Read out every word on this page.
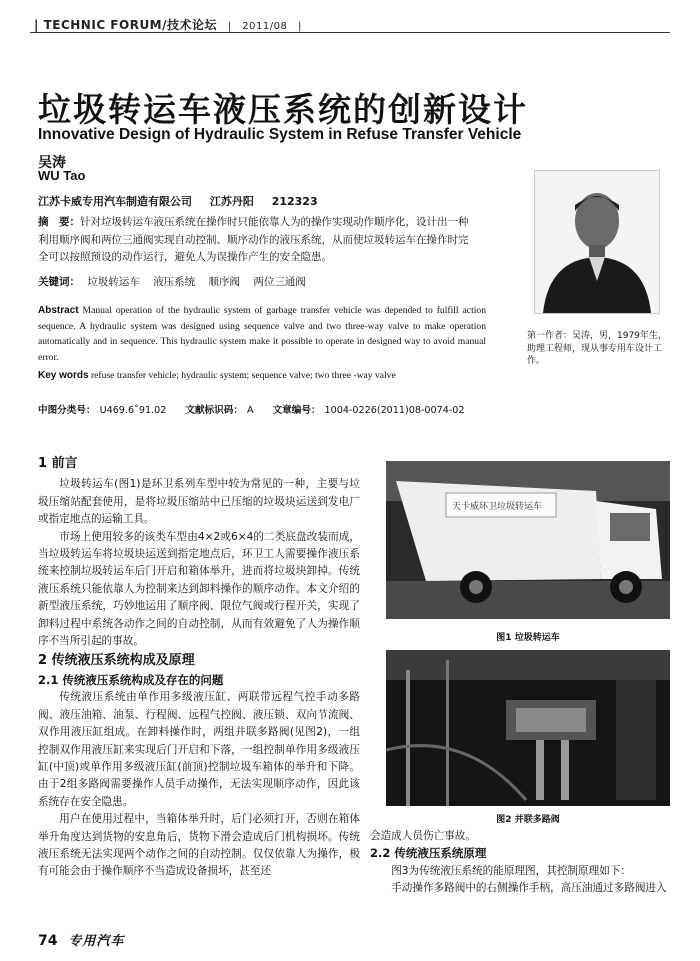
| TECHNIC FORUM/技术论坛 | 2011/08 |
垃圾转运车液压系统的创新设计
Innovative Design of Hydraulic System in Refuse Transfer Vehicle
吴涛
WU Tao
江苏卡威专用汽车制造有限公司 江苏丹阳 212323
摘　要：针对垃圾转运车液压系统在操作时只能依靠人为的操作实现动作顺序化，设计出一种利用顺序阀和两位三通阀实现自动控制、顺序动作的液压系统，从而使垃圾转运车在操作时完全可以按照预设的动作运行，避免人为误操作产生的安全隐患。
关键词： 垃圾转运车 液压系统 顺序阀 两位三通阀
Abstract Manual operation of the hydraulic system of garbage transfer vehicle was depended to fulfill action sequence. A hydraulic system was designed using sequence valve and two three-way valve to make operation automatically and in sequence. This hydraulic system make it possible to operate in designed way to avoid manual error.
Key words refuse transfer vehicle; hydraulic system; sequence valve; two three -way valve
中图分类号： U469.6˚91.02 文献标识码： A 文章编号： 1004-0226(2011)08-0074-02
第一作者：吴涛，男，1979年生，助理工程师，现从事专用车设计工作。
1 前言

垃圾转运车(图1)是环卫系列车型中较为常见的一种，主要与垃圾压缩站配套使用，是将垃圾压缩站中已压缩的垃圾块运送到发电厂或指定地点的运输工具。

市场上使用较多的该类车型由4×2或6×4的二类底盘改装而成，当垃圾转运车将垃圾块运送到指定地点后，环卫工人需要操作液压系统来控制垃圾转运车后门开启和箱体举升，进而将垃圾块卸掉。传统液压系统只能依靠人为控制来达到卸料操作的顺序动作。本文介绍的新型液压系统，巧妙地运用了顺序阀、限位气阀或行程开关，实现了卸料过程中系统各动作之间的自动控制，从而有效避免了人为操作顺序不当所引起的事故。

2 传统液压系统构成及原理
2.1 传统液压系统构成及存在的问题

传统液压系统由单作用多级液压缸、两联带远程气控手动多路阀、液压油箱、油泵、行程阀、远程气控阀、液压锁、双向节流阀、双作用液压缸组成。在卸料操作时，两组并联多路阀(见图2)，一组控制双作用液压缸来实现后门开启和下落，一组控制单作用多级液压缸(中顶)或单作用多级液压缸(前顶)控制垃圾车箱体的举升和下降。由于2组多路阀需要操作人员手动操作，无法实现顺序动作，因此该系统存在安全隐患。

用户在使用过程中，当箱体举升时，后门必须打开，否则在箱体举升角度达到货物的安息角后，货物下滑会造成后门机构损坏。传统液压系统无法实现两个动作之间的自动控制。仅仅依靠人为操作，极有可能会由于操作顺序不当造成设备损坏，甚至还

天卡威环卫垃圾转运车
图1 垃圾转运车
图2 并联多路阀

会造成人员伤亡事故。

2.2 传统液压系统原理

图3为传统液压系统的能原理图，其控制原理如下：

手动操作多路阀中的右侧操作手柄，高压油通过多路阀进入

74 专用汽车
